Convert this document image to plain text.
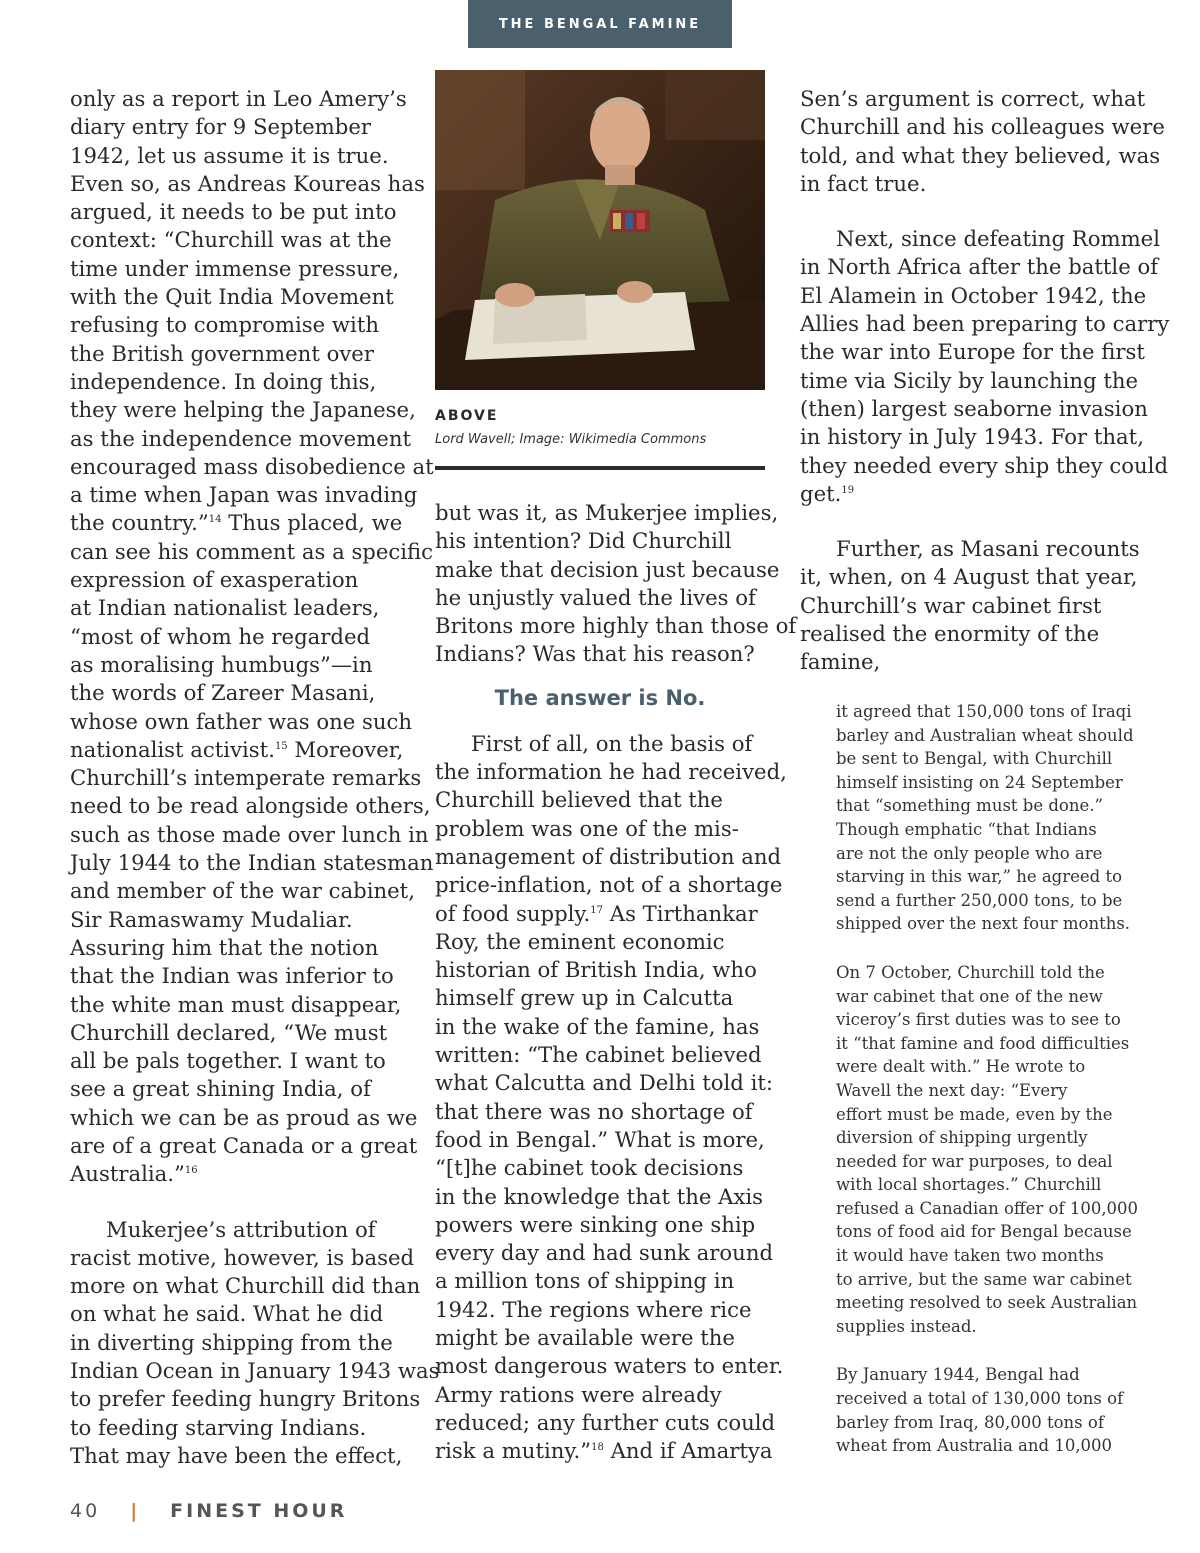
THE BENGAL FAMINE
only as a report in Leo Amery’s
diary entry for 9 September
1942, let us assume it is true.
Even so, as Andreas Koureas has
argued, it needs to be put into
context: “Churchill was at the
time under immense pressure,
with the Quit India Movement
refusing to compromise with
the British government over
independence. In doing this,
they were helping the Japanese,
as the independence movement
encouraged mass disobedience at
a time when Japan was invading
the country.”$^{14}$ Thus placed, we
can see his comment as a specific
expression of exasperation
at Indian nationalist leaders,
“most of whom he regarded
as moralising humbugs”—in
the words of Zareer Masani,
whose own father was one such
nationalist activist.$^{15}$ Moreover,
Churchill’s intemperate remarks
need to be read alongside others,
such as those made over lunch in
July 1944 to the Indian statesman
and member of the war cabinet,
Sir Ramaswamy Mudaliar.
Assuring him that the notion
that the Indian was inferior to
the white man must disappear,
Churchill declared, “We must
all be pals together. I want to
see a great shining India, of
which we can be as proud as we
are of a great Canada or a great
Australia.”$^{16}$
Mukerjee’s attribution of
racist motive, however, is based
more on what Churchill did than
on what he said. What he did
in diverting shipping from the
Indian Ocean in January 1943 was
to prefer feeding hungry Britons
to feeding starving Indians.
That may have been the effect,
ABOVE
Lord Wavell; Image: Wikimedia Commons
but was it, as Mukerjee implies,
his intention? Did Churchill
make that decision just because
he unjustly valued the lives of
Britons more highly than those of
Indians? Was that his reason?
The answer is No.
First of all, on the basis of
the information he had received,
Churchill believed that the
problem was one of the mis-
management of distribution and
price-inflation, not of a shortage
of food supply.$^{17}$ As Tirthankar
Roy, the eminent economic
historian of British India, who
himself grew up in Calcutta
in the wake of the famine, has
written: “The cabinet believed
what Calcutta and Delhi told it:
that there was no shortage of
food in Bengal.” What is more,
“[t]he cabinet took decisions
in the knowledge that the Axis
powers were sinking one ship
every day and had sunk around
a million tons of shipping in
1942. The regions where rice
might be available were the
most dangerous waters to enter.
Army rations were already
reduced; any further cuts could
risk a mutiny.”$^{18}$ And if Amartya
Sen’s argument is correct, what
Churchill and his colleagues were
told, and what they believed, was
in fact true.
Next, since defeating Rommel
in North Africa after the battle of
El Alamein in October 1942, the
Allies had been preparing to carry
the war into Europe for the first
time via Sicily by launching the
(then) largest seaborne invasion
in history in July 1943. For that,
they needed every ship they could
get.$^{19}$
Further, as Masani recounts
it, when, on 4 August that year,
Churchill’s war cabinet first
realised the enormity of the
famine,
it agreed that 150,000 tons of Iraqi
barley and Australian wheat should
be sent to Bengal, with Churchill
himself insisting on 24 September
that “something must be done.”
Though emphatic “that Indians
are not the only people who are
starving in this war,” he agreed to
send a further 250,000 tons, to be
shipped over the next four months.
On 7 October, Churchill told the
war cabinet that one of the new
viceroy’s first duties was to see to
it “that famine and food difficulties
were dealt with.” He wrote to
Wavell the next day: “Every
effort must be made, even by the
diversion of shipping urgently
needed for war purposes, to deal
with local shortages.” Churchill
refused a Canadian offer of 100,000
tons of food aid for Bengal because
it would have taken two months
to arrive, but the same war cabinet
meeting resolved to seek Australian
supplies instead.
By January 1944, Bengal had
received a total of 130,000 tons of
barley from Iraq, 80,000 tons of
wheat from Australia and 10,000
40 | FINEST HOUR
